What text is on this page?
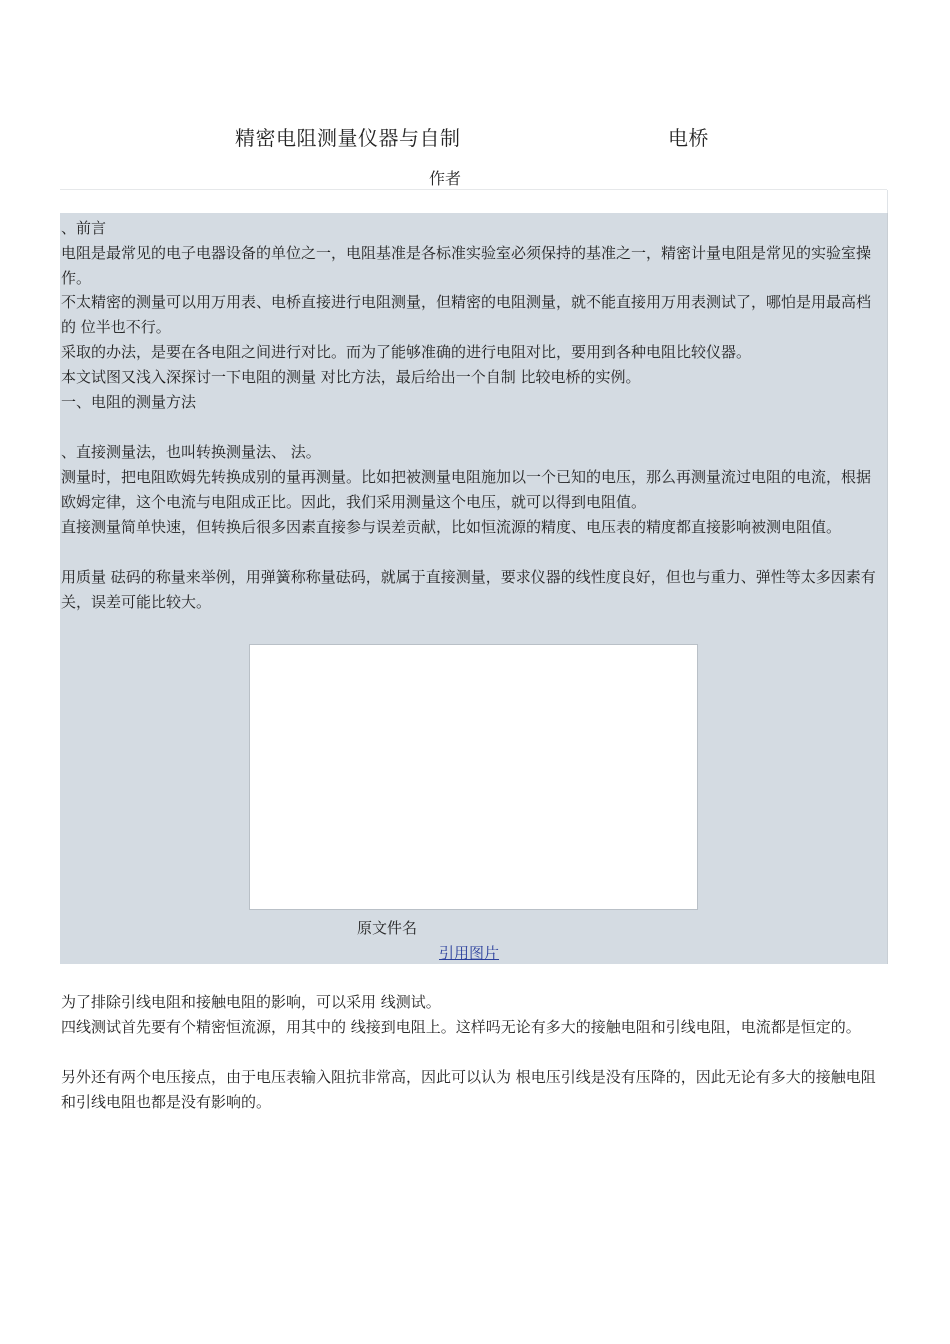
精密电阻测量仪器与自制	电桥
作者

、前言

电阻是最常见的电子电器设备的单位之一，电阻基准是各标准实验室必须保持的基准之一，精密计量电阻是常见的实验室操作。

不太精密的测量可以用万用表、电桥直接进行电阻测量，但精密的电阻测量，就不能直接用万用表测试了，哪怕是用最高档的 位半也不行。

采取的办法，是要在各电阻之间进行对比。而为了能够准确的进行电阻对比，要用到各种电阻比较仪器。

本文试图又浅入深探讨一下电阻的测量 对比方法，最后给出一个自制 比较电桥的实例。

一、电阻的测量方法

、直接测量法，也叫转换测量法、 法。

测量时，把电阻欧姆先转换成别的量再测量。比如把被测量电阻施加以一个已知的电压，那么再测量流过电阻的电流，根据欧姆定律，这个电流与电阻成正比。因此，我们采用测量这个电压，就可以得到电阻值。

直接测量简单快速，但转换后很多因素直接参与误差贡献，比如恒流源的精度、电压表的精度都直接影响被测电阻值。

用质量 砝码的称量来举例，用弹簧称称量砝码，就属于直接测量，要求仪器的线性度良好，但也与重力、弹性等太多因素有关，误差可能比较大。

原文件名
引用图片

为了排除引线电阻和接触电阻的影响，可以采用 线测试。

四线测试首先要有个精密恒流源，用其中的 线接到电阻上。这样吗无论有多大的接触电阻和引线电阻，电流都是恒定的。

另外还有两个电压接点，由于电压表输入阻抗非常高，因此可以认为 根电压引线是没有压降的，因此无论有多大的接触电阻和引线电阻也都是没有影响的。
